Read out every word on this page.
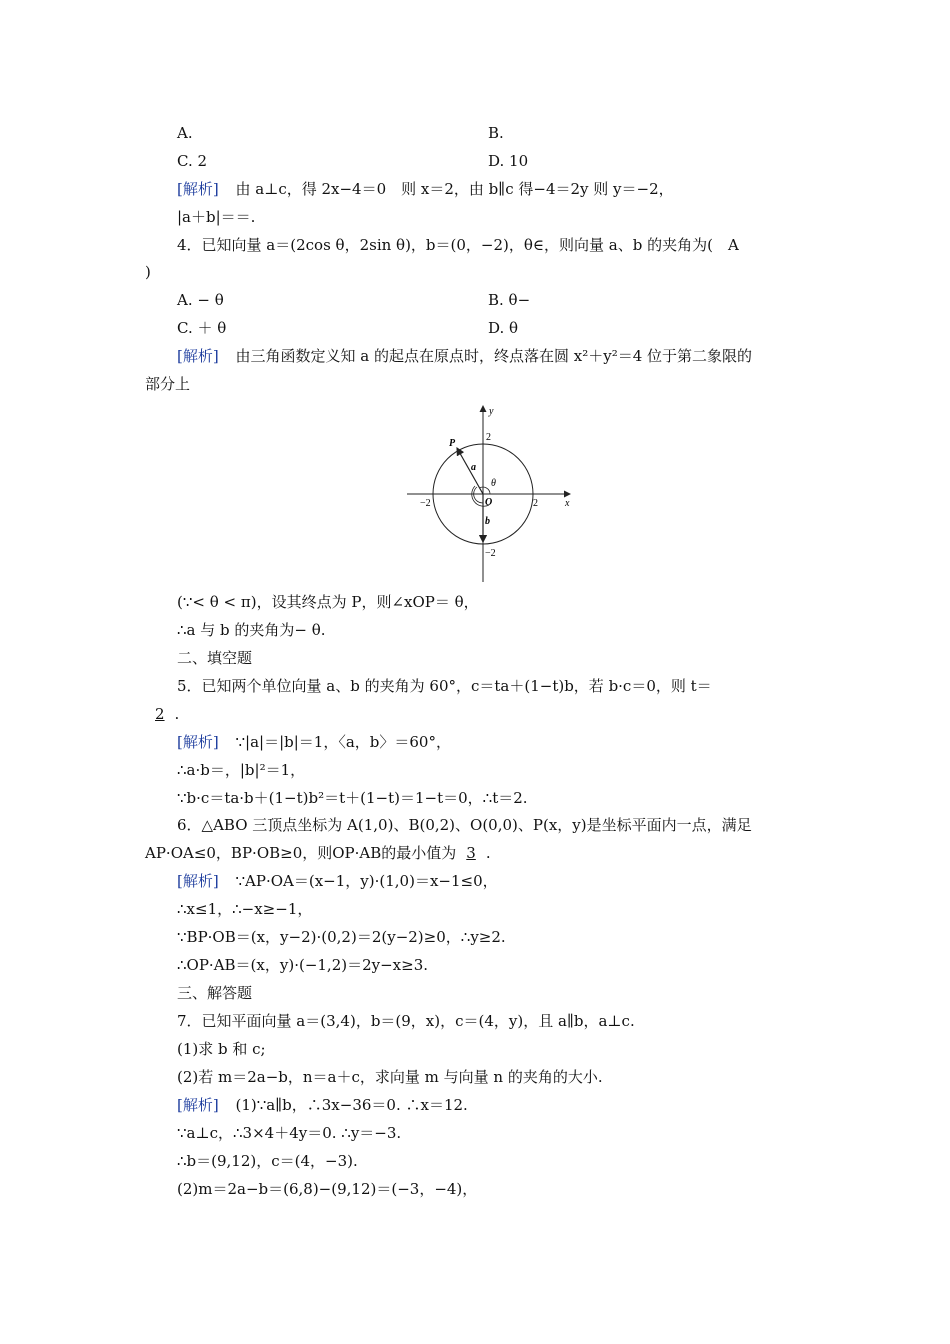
A.	B.
C. 2	D. 10
[解析] 由 a⊥c，得 2x−4＝0　则 x＝2，由 b∥c 得−4＝2y 则 y＝−2，
|a＋b|＝＝.
4．已知向量 a＝(2cos θ，2sin θ)，b＝(0，−2)，θ∈，则向量 a、b 的夹角为(　A
)
A. − θ	B. θ−
C. ＋ θ	D. θ
[解析] 由三角函数定义知 a 的起点在原点时，终点落在圆 x²＋y²＝4 位于第二象限的
部分上
y
x
P
a
b
θ
O
2
−2
2
−2
(∵< θ < π)，设其终点为 P，则∠xOP＝ θ，
∴a 与 b 的夹角为− θ.
二、填空题
5．已知两个单位向量 a、b 的夹角为 60°，c＝ta＋(1−t)b，若 b·c＝0，则 t＝
2 .
[解析] ∵|a|＝|b|＝1，〈a，b〉＝60°，
∴a·b＝，|b|²＝1，
∵b·c＝ta·b＋(1−t)b²＝t＋(1−t)＝1−t＝0，∴t＝2.
6．△ABO 三顶点坐标为 A(1,0)、B(0,2)、O(0,0)、P(x，y)是坐标平面内一点，满足
AP·OA≤0，BP·OB≥0，则OP·AB的最小值为 3 .
[解析] ∵AP·OA＝(x−1，y)·(1,0)＝x−1≤0，
∴x≤1，∴−x≥−1，
∵BP·OB＝(x，y−2)·(0,2)＝2(y−2)≥0，∴y≥2.
∴OP·AB＝(x，y)·(−1,2)＝2y−x≥3.
三、解答题
7．已知平面向量 a＝(3,4)，b＝(9，x)，c＝(4，y)，且 a∥b，a⊥c.
(1)求 b 和 c;
(2)若 m＝2a−b，n＝a＋c，求向量 m 与向量 n 的夹角的大小.
[解析] (1)∵a∥b，∴3x−36＝0. ∴x＝12.
∵a⊥c，∴3×4＋4y＝0. ∴y＝−3.
∴b＝(9,12)，c＝(4，−3).
(2)m＝2a−b＝(6,8)−(9,12)＝(−3，−4)，
